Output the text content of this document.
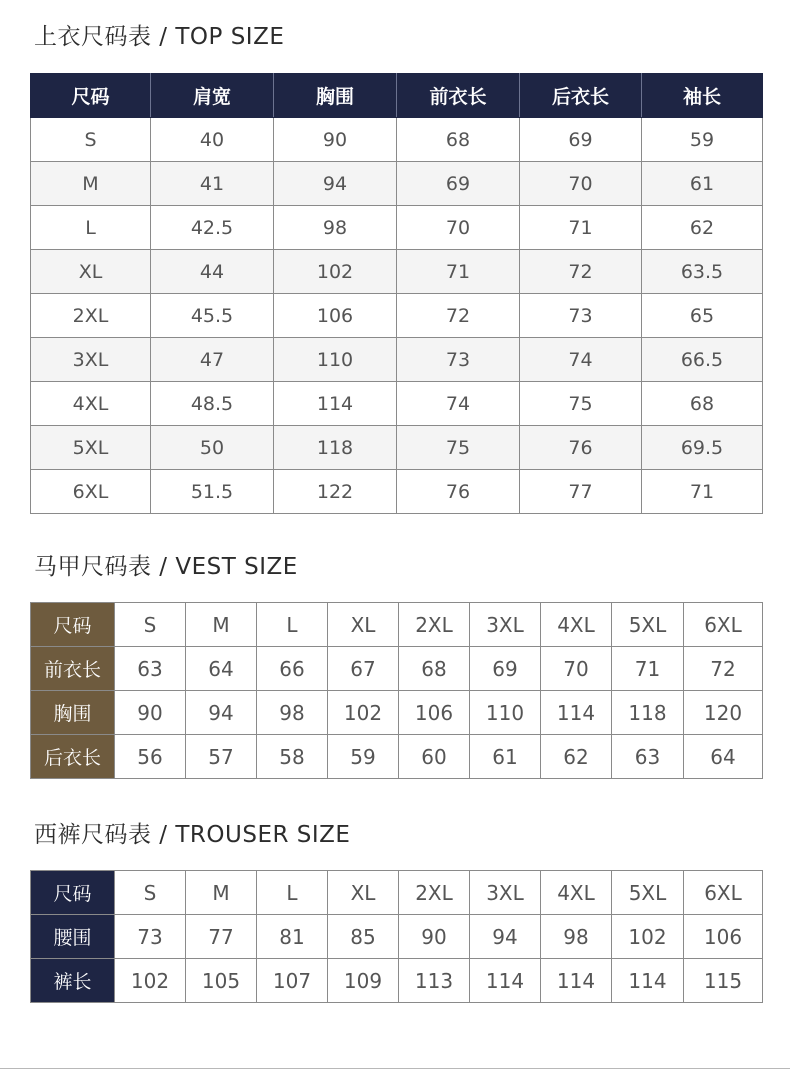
上衣尺码表 / TOP SIZE
尺码	肩宽	胸围	前衣长	后衣长	袖长
S	40	90	68	69	59
M	41	94	69	70	61
L	42.5	98	70	71	62
XL	44	102	71	72	63.5
2XL	45.5	106	72	73	65
3XL	47	110	73	74	66.5
4XL	48.5	114	74	75	68
5XL	50	118	75	76	69.5
6XL	51.5	122	76	77	71
马甲尺码表 / VEST SIZE
尺码	S	M	L	XL	2XL	3XL	4XL	5XL	6XL
前衣长	63	64	66	67	68	69	70	71	72
胸围	90	94	98	102	106	110	114	118	120
后衣长	56	57	58	59	60	61	62	63	64
西裤尺码表 / TROUSER SIZE
尺码	S	M	L	XL	2XL	3XL	4XL	5XL	6XL
腰围	73	77	81	85	90	94	98	102	106
裤长	102	105	107	109	113	114	114	114	115
